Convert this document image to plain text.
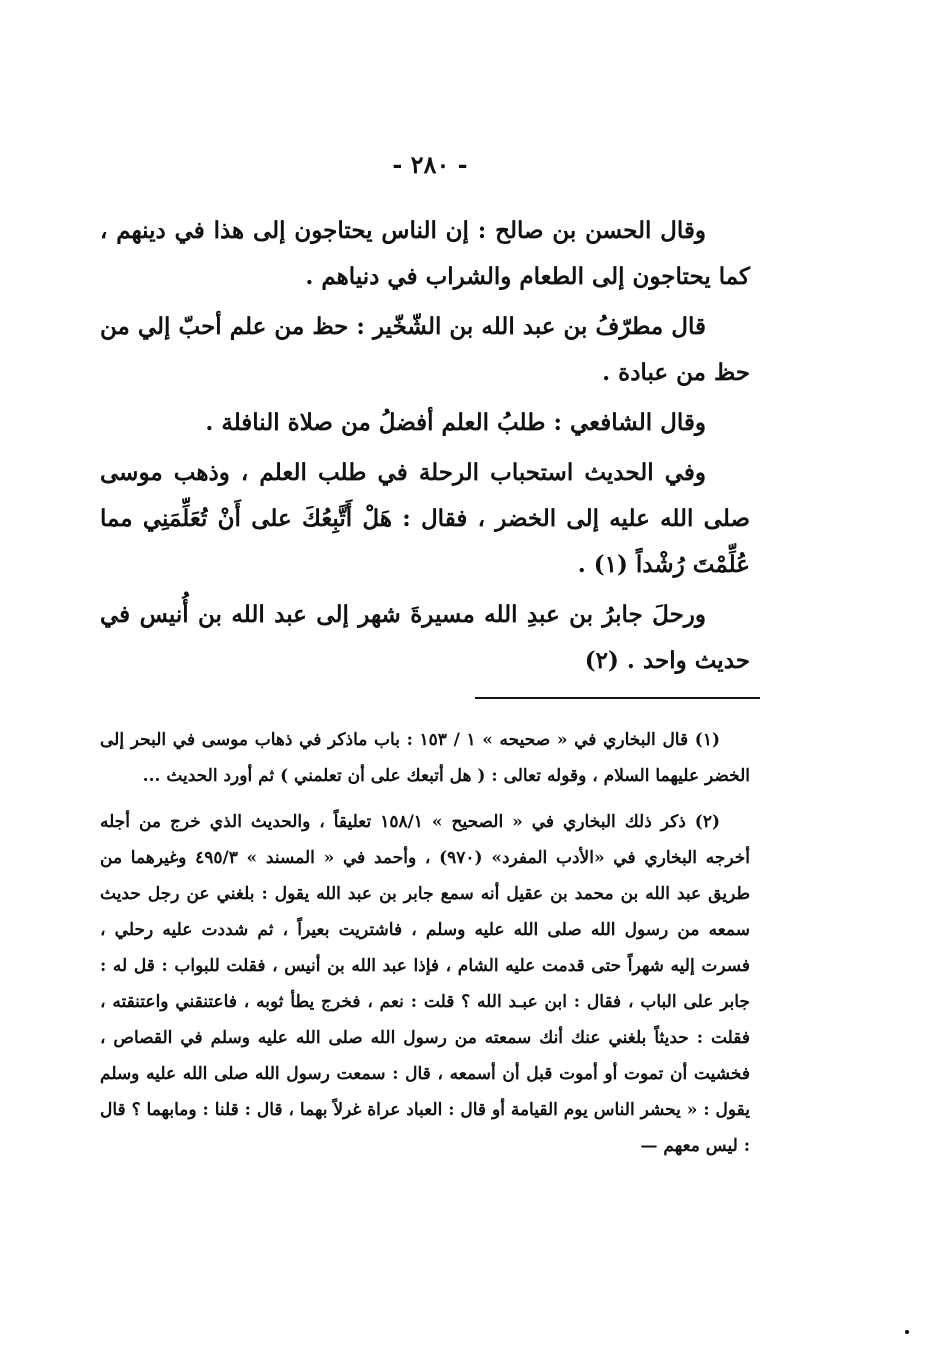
- ٢٨٠ -

وقال الحسن بن صالح : إن الناس يحتاجون إلى هذا في دينهم ، كما يحتاجون إلى الطعام والشراب في دنياهم .

قال مطرّفُ بن عبد الله بن الشّخّير : حظ من علم أحبّ إلي من حظ من عبادة .

وقال الشافعي : طلبُ العلم أفضلُ من صلاة النافلة .

وفي الحديث استحباب الرحلة في طلب العلم ، وذهب موسى صلى الله عليه إلى الخضر ، فقال : هَلْ أَتَّبِعُكَ على أَنْ تُعَلِّمَنِي مما عُلِّمْتَ رُشْداً (١) .

ورحلَ جابرُ بن عبدِ الله مسيرةَ شهر إلى عبد الله بن أُنيس في حديث واحد . (٢)

(١) قال البخاري في « صحيحه » ١ / ١٥٣ : باب ماذكر في ذهاب موسى في البحر إلى الخضر عليهما السلام ، وقوله تعالى : ( هل أتبعك على أن تعلمني ) ثم أورد الحديث ...

(٢) ذكر ذلك البخاري في « الصحيح » ١٥٨/١ تعليقاً ، والحديث الذي خرج من أجله أخرجه البخاري في «الأدب المفرد» (٩٧٠) ، وأحمد في « المسند » ٤٩٥/٣ وغيرهما من طريق عبد الله بن محمد بن عقيل أنه سمع جابر بن عبد الله يقول : بلغني عن رجل حديث سمعه من رسول الله صلى الله عليه وسلم ، فاشتريت بعيراً ، ثم شددت عليه رحلي ، فسرت إليه شهراً حتى قدمت عليه الشام ، فإذا عبد الله بن أنيس ، فقلت للبواب : قل له : جابر على الباب ، فقال : ابن عبـد الله ؟ قلت : نعم ، فخرج يطأ ثوبه ، فاعتنقني واعتنقته ، فقلت : حديثاً بلغني عنك أنك سمعته من رسول الله صلى الله عليه وسلم في القصاص ، فخشيت أن تموت أو أموت قبل أن أسمعه ، قال : سمعت رسول الله صلى الله عليه وسلم يقول : « يحشر الناس يوم القيامة أو قال : العباد عراة غرلاً بهما ، قال : قلنا : ومابهما ؟ قال : ليس معهم —
